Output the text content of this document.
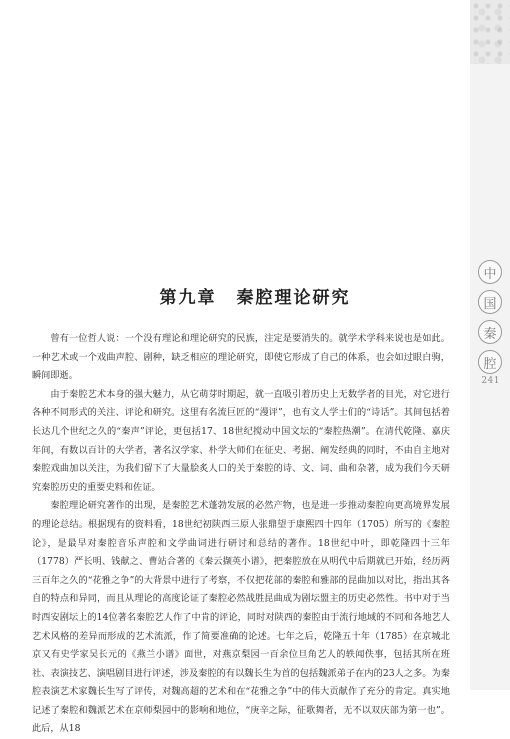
中
国
秦
腔
241
第九章 秦腔理论研究

曾有一位哲人说：一个没有理论和理论研究的民族，注定是要消失的。就学术学科来说也是如此。一种艺术或一个戏曲声腔、剧种，缺乏相应的理论研究，即使它形成了自己的体系，也会如过眼白驹，瞬间即逝。

由于秦腔艺术本身的强大魅力，从它萌芽时期起，就一直吸引着历史上无数学者的目光，对它进行各种不同形式的关注、评论和研究。这里有名流巨匠的“漫评”，也有文人学士们的“诗话”。其间包括着长达几个世纪之久的“秦声”评论，更包括17、18世纪搅动中国文坛的“秦腔热潮”。在清代乾隆、嘉庆年间，有数以百计的大学者，著名汉学家、朴学大师们在征史、考据、阐发经典的同时，不由自主地对秦腔戏曲加以关注，为我们留下了大量脍炙人口的关于秦腔的诗、文、词、曲和杂著，成为我们今天研究秦腔历史的重要史料和佐证。

秦腔理论研究著作的出现，是秦腔艺术蓬勃发展的必然产物，也是进一步推动秦腔向更高境界发展的理论总结。根据现有的资料看，18世纪初陕西三原人张鼎望于康熙四十四年（1705）所写的《秦腔论》，是最早对秦腔音乐声腔和文学曲词进行研讨和总结的著作。18世纪中叶，即乾隆四十三年（1778）严长明、钱献之、曹站合著的《秦云撷英小谱》，把秦腔放在从明代中后期就已开始，经历两三百年之久的“花雅之争”的大背景中进行了考察，不仅把花部的秦腔和雅部的昆曲加以对比，指出其各自的特点和异同，而且从理论的高度论证了秦腔必然战胜昆曲成为剧坛盟主的历史必然性。书中对于当时西安剧坛上的14位著名秦腔艺人作了中肯的评论，同时对陕西的秦腔由于流行地域的不同和各地艺人艺术风格的差异而形成的艺术流派，作了简要准确的论述。七年之后，乾隆五十年（1785）在京城北京又有史学家吴长元的《燕兰小谱》面世，对燕京梨园一百余位旦角艺人的轶闻佚事，包括其所在班社、表演技艺、演唱剧目进行评述，涉及秦腔的有以魏长生为首的包括魏派弟子在内的23人之多。为秦腔表演艺术家魏长生写了评传，对魏高超的艺术和在“花雅之争”中的伟大贡献作了充分的肯定。真实地记述了秦腔和魏派艺术在京师梨园中的影响和地位，“庚辛之际，征歌舞者，无不以双庆部为第一也”。此后，从18
